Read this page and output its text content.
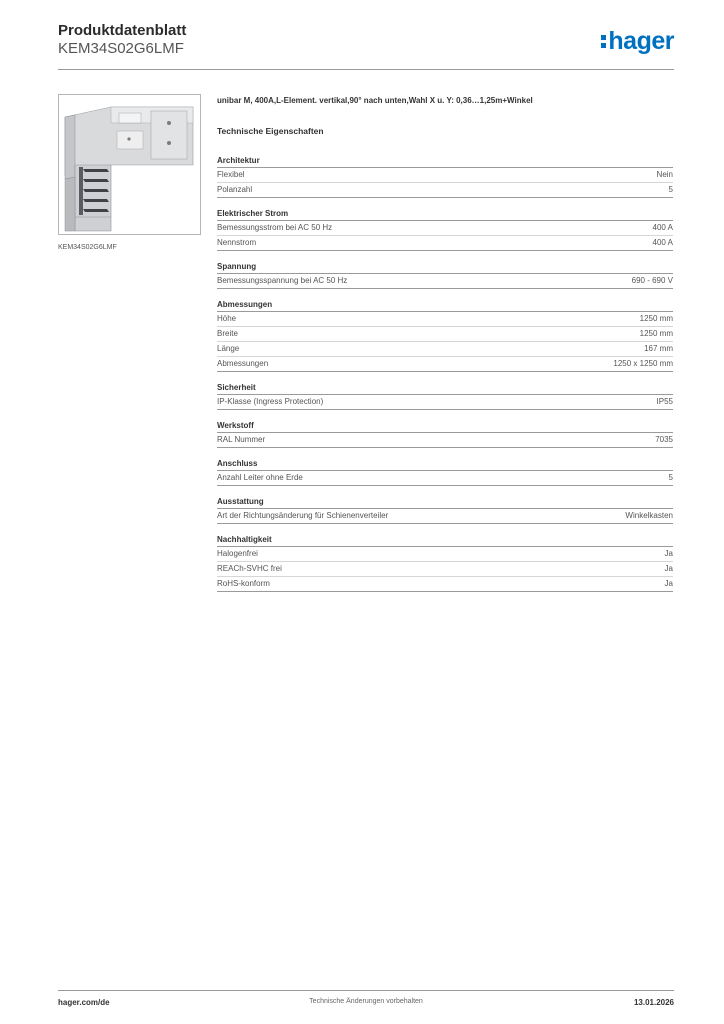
Produktdatenblatt
KEM34S02G6LMF	hager
KEM34S02G6LMF
unibar M, 400A,L-Element. vertikal,90° nach unten,Wahl X u. Y: 0,36…1,25m+Winkel
Technische Eigenschaften
Architektur
Flexibel	Nein
Polanzahl	5
Elektrischer Strom
Bemessungsstrom bei AC 50 Hz	400 A
Nennstrom	400 A
Spannung
Bemessungsspannung bei AC 50 Hz	690 - 690 V
Abmessungen
Höhe	1250 mm
Breite	1250 mm
Länge	167 mm
Abmessungen	1250 x 1250 mm
Sicherheit
IP-Klasse (Ingress Protection)	IP55
Werkstoff
RAL Nummer	7035
Anschluss
Anzahl Leiter ohne Erde	5
Ausstattung
Art der Richtungsänderung für Schienenverteiler	Winkelkasten
Nachhaltigkeit
Halogenfrei	Ja
REACh-SVHC frei	Ja
RoHS-konform	Ja
hager.com/de	Technische Änderungen vorbehalten	13.01.2026
